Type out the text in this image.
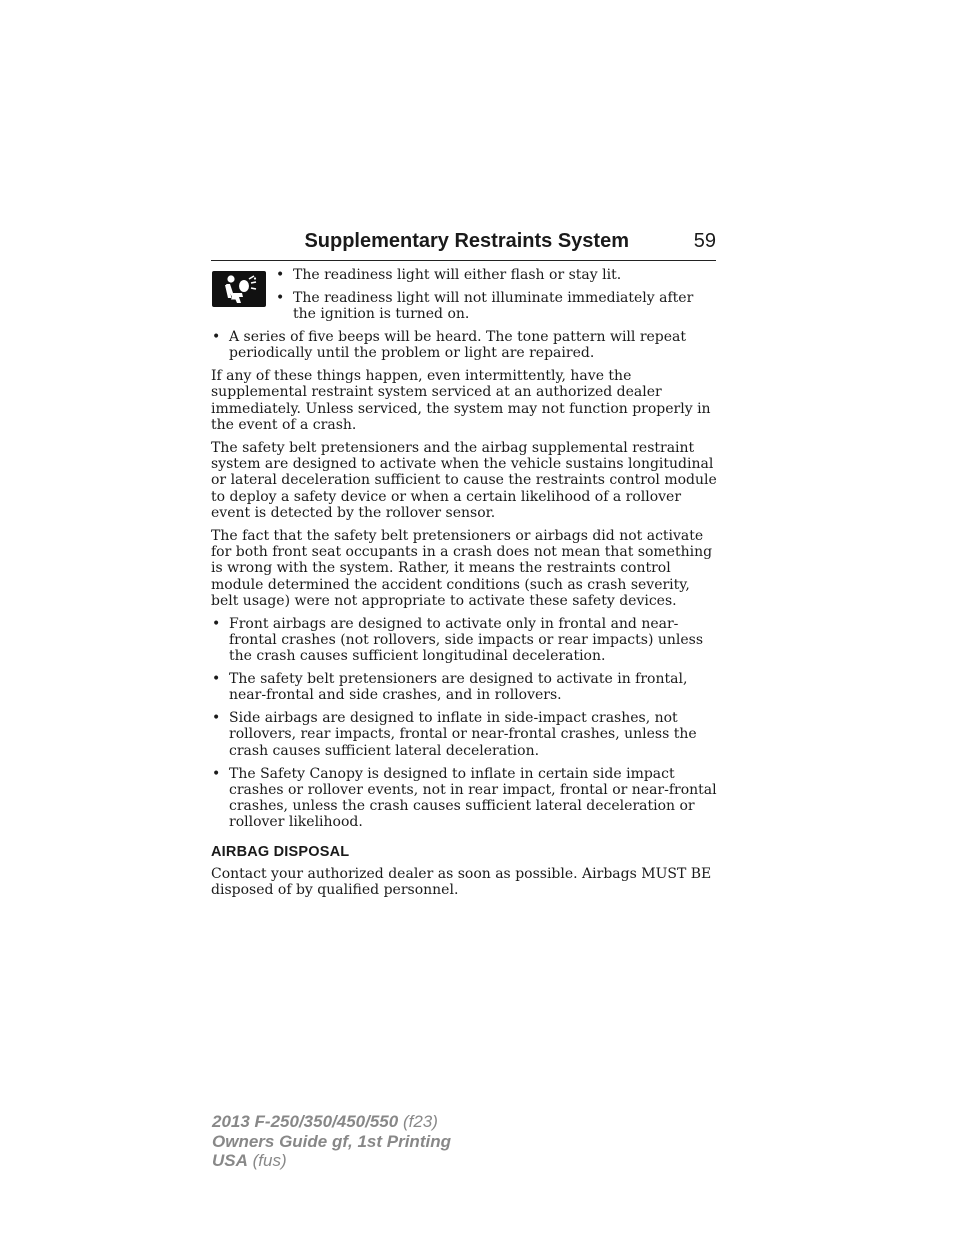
Supplementary Restraints System	59
• The readiness light will either flash or stay lit.
• The readiness light will not illuminate immediately after the ignition is turned on.
• A series of five beeps will be heard. The tone pattern will repeat periodically until the problem or light are repaired.

If any of these things happen, even intermittently, have the supplemental restraint system serviced at an authorized dealer immediately. Unless serviced, the system may not function properly in the event of a crash.

The safety belt pretensioners and the airbag supplemental restraint system are designed to activate when the vehicle sustains longitudinal or lateral deceleration sufficient to cause the restraints control module to deploy a safety device or when a certain likelihood of a rollover event is detected by the rollover sensor.

The fact that the safety belt pretensioners or airbags did not activate for both front seat occupants in a crash does not mean that something is wrong with the system. Rather, it means the restraints control module determined the accident conditions (such as crash severity, belt usage) were not appropriate to activate these safety devices.

• Front airbags are designed to activate only in frontal and near-frontal crashes (not rollovers, side impacts or rear impacts) unless the crash causes sufficient longitudinal deceleration.
• The safety belt pretensioners are designed to activate in frontal, near-frontal and side crashes, and in rollovers.
• Side airbags are designed to inflate in side-impact crashes, not rollovers, rear impacts, frontal or near-frontal crashes, unless the crash causes sufficient lateral deceleration.
• The Safety Canopy is designed to inflate in certain side impact crashes or rollover events, not in rear impact, frontal or near-frontal crashes, unless the crash causes sufficient lateral deceleration or rollover likelihood.
AIRBAG DISPOSAL

Contact your authorized dealer as soon as possible. Airbags MUST BE disposed of by qualified personnel.

2013 F-250/350/450/550 (f23)
Owners Guide gf, 1st Printing
USA (fus)
